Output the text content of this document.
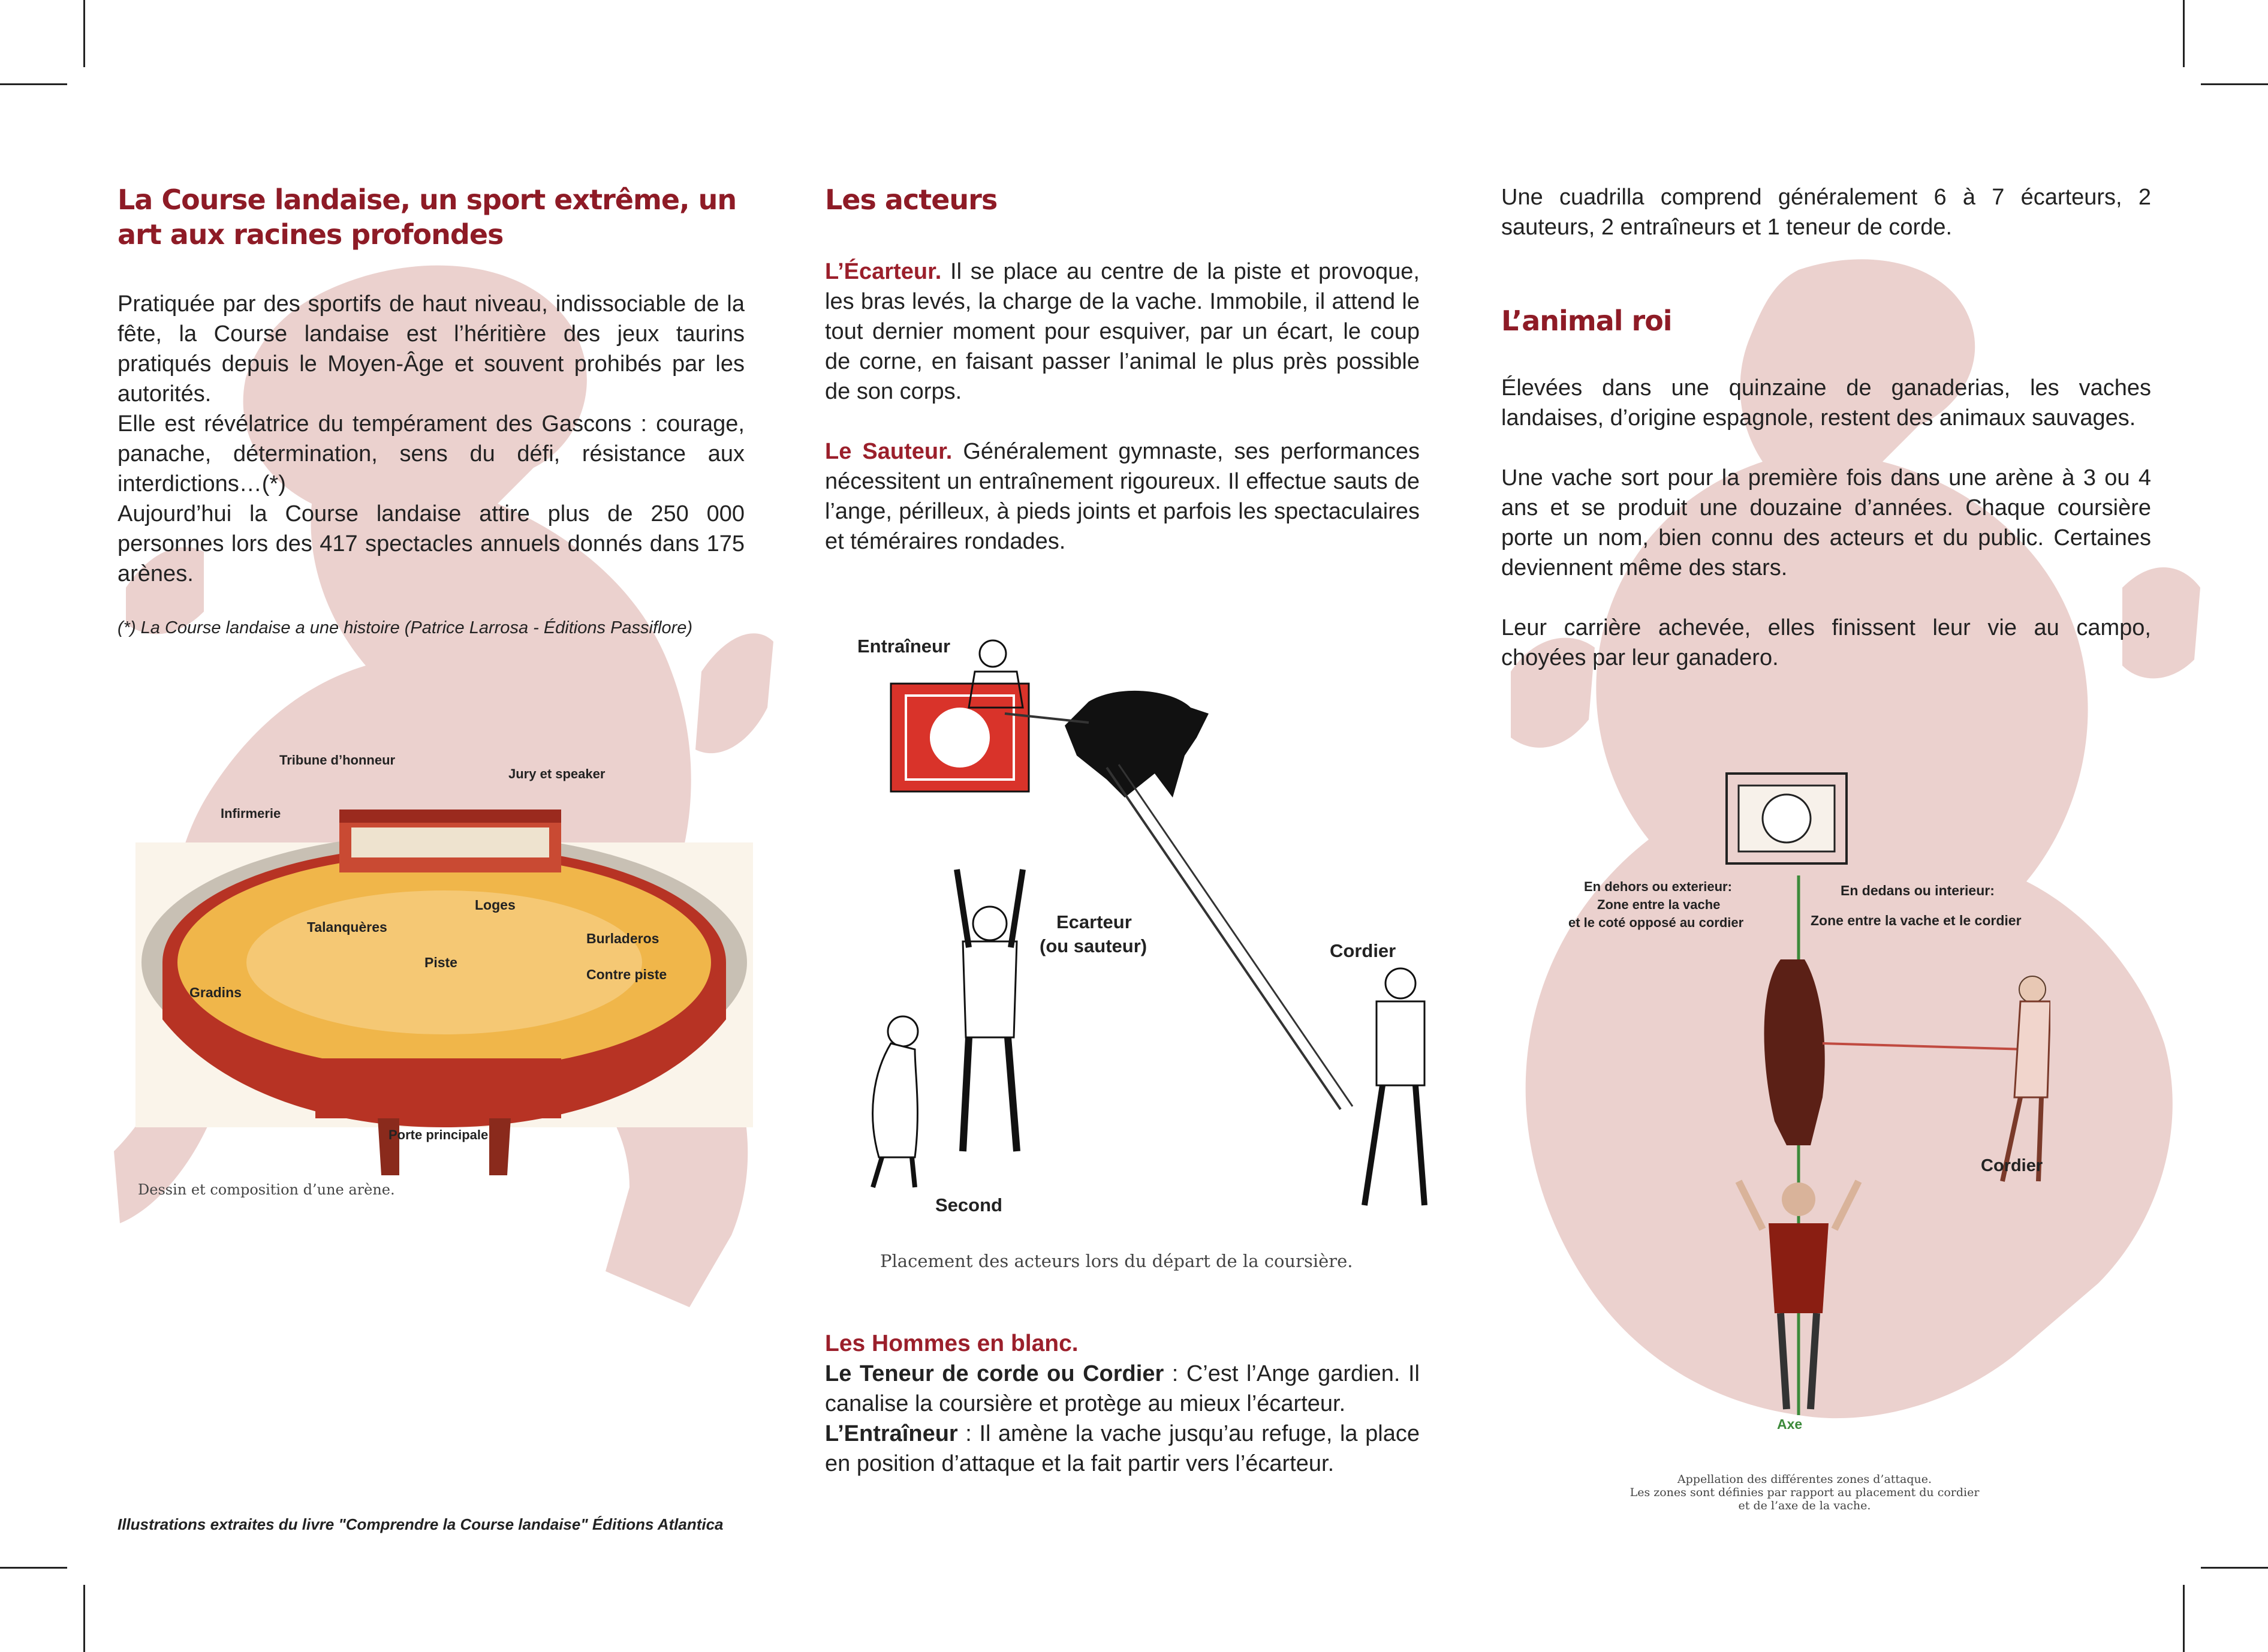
La Course landaise, un sport extrême, un art aux racines profondes

Pratiquée par des sportifs de haut niveau, indissociable de la fête, la Course landaise est l’héritière des jeux taurins pratiqués depuis le Moyen-Âge et souvent prohibés par les autorités.

Elle est révélatrice du tempérament des Gascons : courage, panache, détermination, sens du défi, résistance aux interdictions…(*)

Aujourd’hui la Course landaise attire plus de 250 000 personnes lors des 417 spectacles annuels donnés dans 175 arènes.

(*) La Course landaise a une histoire (Patrice Larrosa - Éditions Passiflore)
Tribune d’honneur
Jury et speaker
Infirmerie
Loges
Talanquères
Burladeros
Piste
Contre piste
Gradins
Porte principale
Dessin et composition d’une arène.
Illustrations extraites du livre "Comprendre la Course landaise" Éditions Atlantica
Les acteurs
L’Écarteur. Il se place au centre de la piste et provoque, les bras levés, la charge de la vache. Immobile, il attend le tout dernier moment pour esquiver, par un écart, le coup de corne, en faisant passer l’animal le plus près possible de son corps.
Le Sauteur. Généralement gymnaste, ses performances nécessitent un entraînement rigoureux. Il effectue sauts de l’ange, périlleux, à pieds joints et parfois les spectaculaires et téméraires rondades.
Entraîneur
Ecarteur
(ou sauteur)	Cordier
Second
Placement des acteurs lors du départ de la coursière.
Les Hommes en blanc.
Le Teneur de corde ou Cordier : C’est l’Ange gardien. Il canalise la coursière et protège au mieux l’écarteur.
L’Entraîneur : Il amène la vache jusqu’au refuge, la place en position d’attaque et la fait partir vers l’écarteur.
Une cuadrilla comprend généralement 6 à 7 écarteurs, 2 sauteurs, 2 entraîneurs et 1 teneur de corde.
L’animal roi
Élevées dans une quinzaine de ganaderias, les vaches landaises, d’origine espagnole, restent des animaux sauvages.
Une vache sort pour la première fois dans une arène à 3 ou 4 ans et se produit une douzaine d’années. Chaque coursière porte un nom, bien connu des acteurs et du public. Certaines deviennent même des stars.
Leur carrière achevée, elles finissent leur vie au campo, choyées par leur ganadero.
En dehors ou exterieur:
Zone entre la vache
et le coté opposé au cordier
En dedans ou interieur:
Zone entre la vache et le cordier
Cordier
Axe
Appellation des différentes zones d’attaque.
Les zones sont définies par rapport au placement du cordier
et de l’axe de la vache.
